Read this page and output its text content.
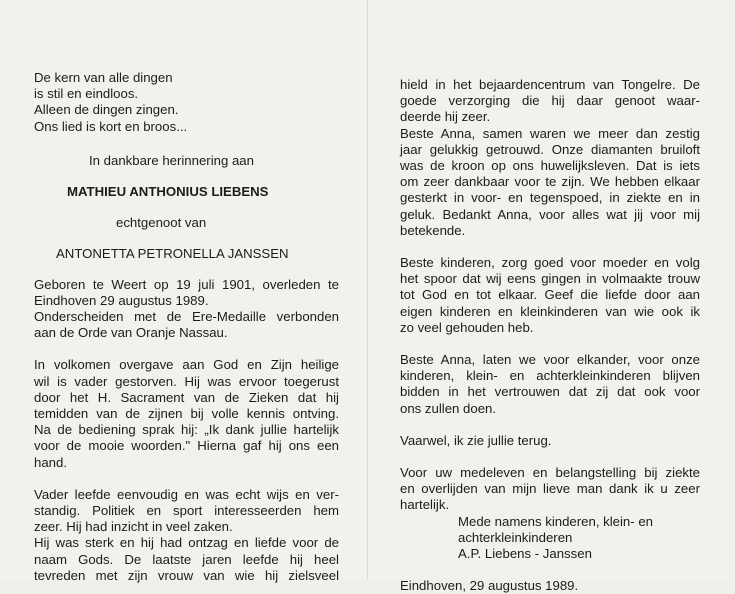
De kern van alle dingen
is stil en eindloos.
Alleen de dingen zingen.
Ons lied is kort en broos...
In dankbare herinnering aan
MATHIEU ANTHONIUS LIEBENS
echtgenoot van
ANTONETTA PETRONELLA JANSSEN
Geboren te Weert op 19 juli 1901, overleden te
Eindhoven 29 augustus 1989.
Onderscheiden met de Ere-Medaille verbonden
aan de Orde van Oranje Nassau.
In volkomen overgave aan God en Zijn heilige
wil is vader gestorven. Hij was ervoor toegerust
door het H. Sacrament van de Zieken dat hij
temidden van de zijnen bij volle kennis ontving.
Na de bediening sprak hij: „Ik dank jullie hartelijk
voor de mooie woorden." Hierna gaf hij ons een
hand.
Vader leefde eenvoudig en was echt wijs en ver-
standig. Politiek en sport interesseerden hem
zeer. Hij had inzicht in veel zaken.
Hij was sterk en hij had ontzag en liefde voor de
naam Gods. De laatste jaren leefde hij heel
tevreden met zijn vrouw van wie hij zielsveel
hield in het bejaardencentrum van Tongelre. De
goede verzorging die hij daar genoot waar-
deerde hij zeer.
Beste Anna, samen waren we meer dan zestig
jaar gelukkig getrouwd. Onze diamanten bruiloft
was de kroon op ons huwelijksleven. Dat is iets
om zeer dankbaar voor te zijn. We hebben elkaar
gesterkt in voor- en tegenspoed, in ziekte en in
geluk. Bedankt Anna, voor alles wat jij voor mij
betekende.
Beste kinderen, zorg goed voor moeder en volg
het spoor dat wij eens gingen in volmaakte trouw
tot God en tot elkaar. Geef die liefde door aan
eigen kinderen en kleinkinderen van wie ook ik
zo veel gehouden heb.
Beste Anna, laten we voor elkander, voor onze
kinderen, klein- en achterkleinkinderen blijven
bidden in het vertrouwen dat zij dat ook voor
ons zullen doen.
Vaarwel, ik zie jullie terug.
Voor uw medeleven en belangstelling bij ziekte
en overlijden van mijn lieve man dank ik u zeer
hartelijk.
Mede namens kinderen, klein- en
achterkleinkinderen
A.P. Liebens - Janssen
Eindhoven, 29 augustus 1989.
